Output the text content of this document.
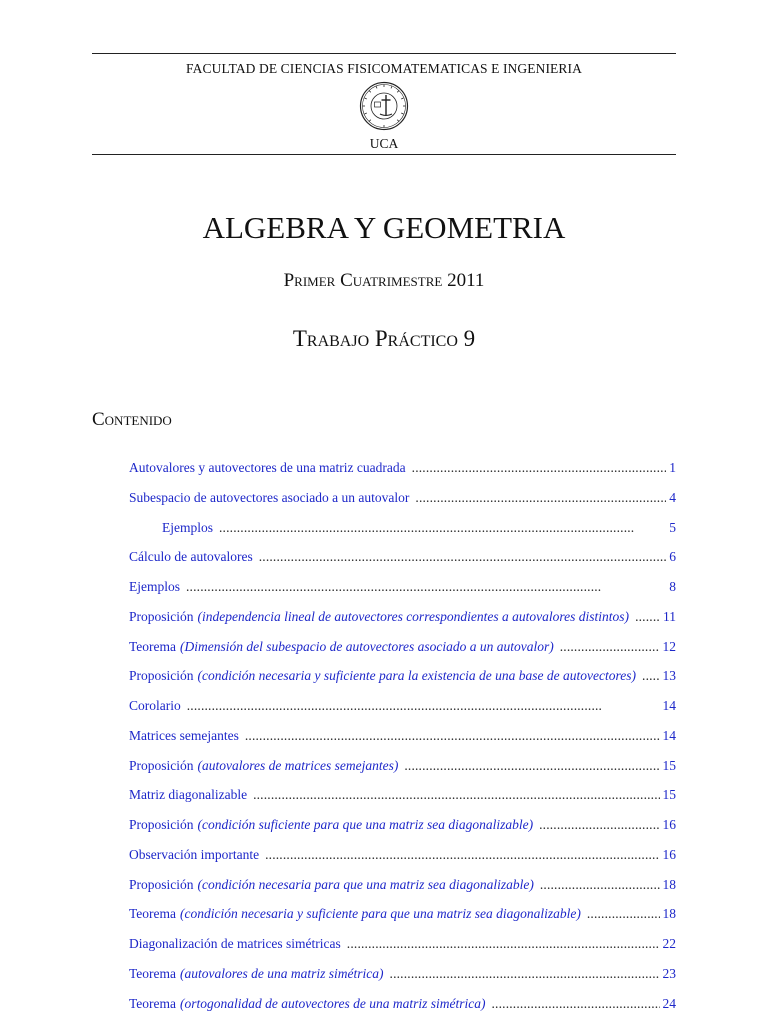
FACULTAD DE CIENCIAS FISICOMATEMATICAS E INGENIERIA
UCA
ALGEBRA Y GEOMETRIA
Primer Cuatrimestre 2011
Trabajo Práctico 9
Contenido
Autovalores y autovectores de una matriz cuadrada . . .	1
Subespacio de autovectores asociado a un autovalor . . .	4
Ejemplos . . .	5
Cálculo de autovalores . . .	6
Ejemplos . . .	8
Proposición (independencia lineal de autovectores correspondientes a autovalores distintos) . . .	11
Teorema (Dimensión del subespacio de autovectores asociado a un autovalor) . . .	12
Proposición (condición necesaria y suficiente para la existencia de una base de autovectores) . . . 13
Corolario . . .	14
Matrices semejantes . . .	14
Proposición (autovalores de matrices semejantes) . . .	15
Matriz diagonalizable . . .	15
Proposición (condición suficiente para que una matriz sea diagonalizable) . . .	16
Observación importante . . .	16
Proposición (condición necesaria para que una matriz sea diagonalizable) . . .	18
Teorema (condición necesaria y suficiente para que una matriz sea diagonalizable) . . .	18
Diagonalización de matrices simétricas . . .	22
Teorema (autovalores de una matriz simétrica) . . .	23
Teorema (ortogonalidad de autovectores de una matriz simétrica) . . .	24
